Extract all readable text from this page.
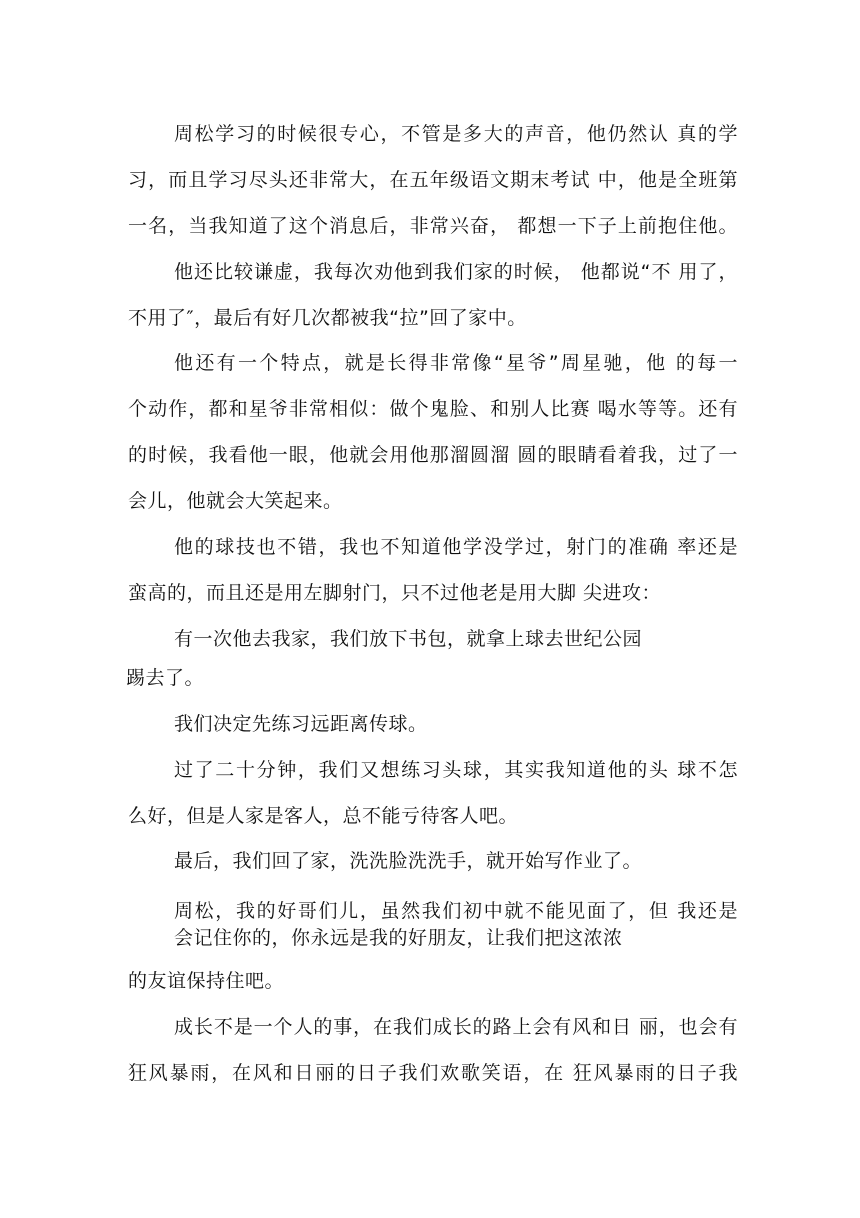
周松学习的时候很专心，不管是多大的声音，他仍然认 真的学
习，而且学习尽头还非常大，在五年级语文期末考试 中，他是全班第
一名，当我知道了这个消息后，非常兴奋， 都想一下子上前抱住他。
他还比较谦虚，我每次劝他到我们家的时候， 他都说“不 用了，
不用了″，最后有好几次都被我“拉”回了家中。
他还有一个特点，就是长得非常像“星爷”周星驰，他 的每一
个动作，都和星爷非常相似：做个鬼脸、和别人比赛 喝水等等。还有
的时候，我看他一眼，他就会用他那溜圆溜 圆的眼睛看着我，过了一
会儿，他就会大笑起来。
他的球技也不错，我也不知道他学没学过，射门的准确 率还是
蛮高的，而且还是用左脚射门，只不过他老是用大脚 尖进攻：
有一次他去我家，我们放下书包，就拿上球去世纪公园
踢去了。
我们决定先练习远距离传球。
过了二十分钟，我们又想练习头球，其实我知道他的头 球不怎
么好，但是人家是客人，总不能亏待客人吧。
最后，我们回了家，洗洗脸洗洗手，就开始写作业了。
周松，我的好哥们儿，虽然我们初中就不能见面了，但 我还是
会记住你的，你永远是我的好朋友，让我们把这浓浓
的友谊保持住吧。
成长不是一个人的事，在我们成长的路上会有风和日 丽，也会有
狂风暴雨，在风和日丽的日子我们欢歌笑语，在 狂风暴雨的日子我
